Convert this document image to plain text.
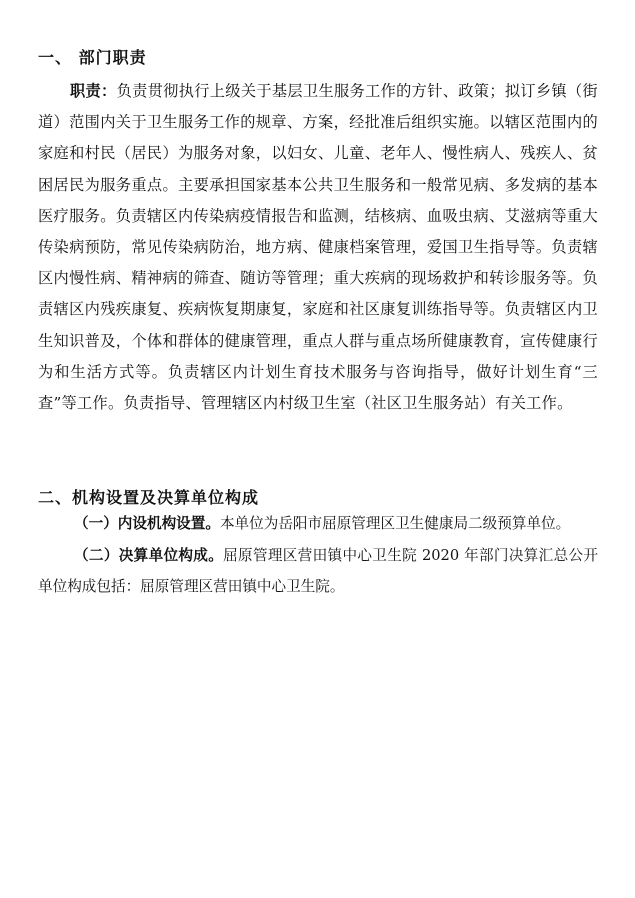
一、 部门职责
职责：负责贯彻执行上级关于基层卫生服务工作的方针、政策；拟订乡镇（街道）范围内关于卫生服务工作的规章、方案，经批准后组织实施。以辖区范围内的家庭和村民（居民）为服务对象，以妇女、儿童、老年人、慢性病人、残疾人、贫困居民为服务重点。主要承担国家基本公共卫生服务和一般常见病、多发病的基本医疗服务。负责辖区内传染病疫情报告和监测，结核病、血吸虫病、艾滋病等重大传染病预防，常见传染病防治，地方病、健康档案管理，爱国卫生指导等。负责辖区内慢性病、精神病的筛查、随访等管理；重大疾病的现场救护和转诊服务等。负责辖区内残疾康复、疾病恢复期康复，家庭和社区康复训练指导等。负责辖区内卫生知识普及，个体和群体的健康管理，重点人群与重点场所健康教育，宣传健康行为和生活方式等。负责辖区内计划生育技术服务与咨询指导，做好计划生育“三查”等工作。负责指导、管理辖区内村级卫生室（社区卫生服务站）有关工作。
二、机构设置及决算单位构成
（一）内设机构设置。本单位为岳阳市屈原管理区卫生健康局二级预算单位。
（二）决算单位构成。屈原管理区营田镇中心卫生院 2020 年部门决算汇总公开单位构成包括：屈原管理区营田镇中心卫生院。
